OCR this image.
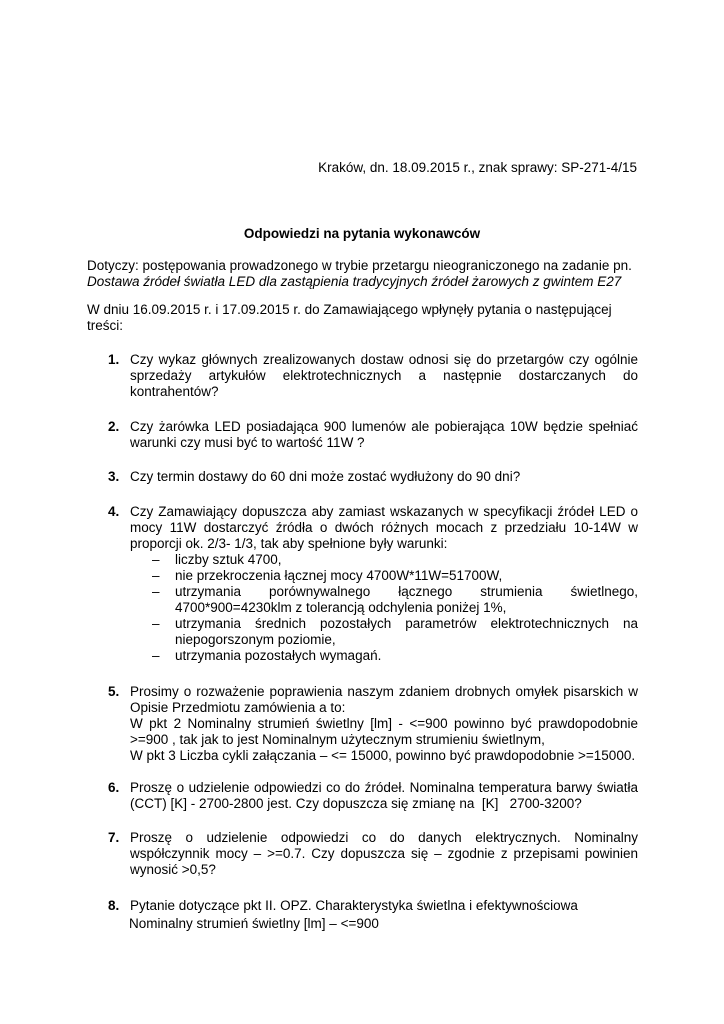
Kraków, dn. 18.09.2015 r., znak sprawy: SP-271-4/15
Odpowiedzi na pytania wykonawców
Dotyczy: postępowania prowadzonego w trybie przetargu nieograniczonego na zadanie pn.
Dostawa źródeł światła LED dla zastąpienia tradycyjnych źródeł żarowych z gwintem E27
W dniu 16.09.2015 r. i 17.09.2015 r. do Zamawiającego wpłynęły pytania o następującej
treści:
1. Czy wykaz głównych zrealizowanych dostaw odnosi się do przetargów czy ogólnie
sprzedaży artykułów elektrotechnicznych a następnie dostarczanych do
kontrahentów?
2. Czy żarówka LED posiadająca 900 lumenów ale pobierająca 10W będzie spełniać
warunki czy musi być to wartość 11W ?
3. Czy termin dostawy do 60 dni może zostać wydłużony do 90 dni?
4. Czy Zamawiający dopuszcza aby zamiast wskazanych w specyfikacji źródeł LED o
mocy 11W dostarczyć źródła o dwóch różnych mocach z przedziału 10-14W w
proporcji ok. 2/3- 1/3, tak aby spełnione były warunki:
– liczby sztuk 4700,
– nie przekroczenia łącznej mocy 4700W*11W=51700W,
– utrzymania porównywalnego łącznego strumienia świetlnego,
4700*900=4230klm z tolerancją odchylenia poniżej 1%,
– utrzymania średnich pozostałych parametrów elektrotechnicznych na
niepogorszonym poziomie,
– utrzymania pozostałych wymagań.
5. Prosimy o rozważenie poprawienia naszym zdaniem drobnych omyłek pisarskich w
Opisie Przedmiotu zamówienia a to:
W pkt 2 Nominalny strumień świetlny [lm] - <=900 powinno być prawdopodobnie
>=900 , tak jak to jest Nominalnym użytecznym strumieniu świetlnym,
W pkt 3 Liczba cykli załączania – <= 15000, powinno być prawdopodobnie >=15000.
6. Proszę o udzielenie odpowiedzi co do źródeł. Nominalna temperatura barwy światła
(CCT) [K] - 2700-2800 jest. Czy dopuszcza się zmianę na  [K]   2700-3200?
7. Proszę o udzielenie odpowiedzi co do danych elektrycznych. Nominalny
współczynnik mocy – >=0.7. Czy dopuszcza się – zgodnie z przepisami powinien
wynosić >0,5?
8. Pytanie dotyczące pkt II. OPZ. Charakterystyka świetlna i efektywnościowa
Nominalny strumień świetlny [lm] – <=900
